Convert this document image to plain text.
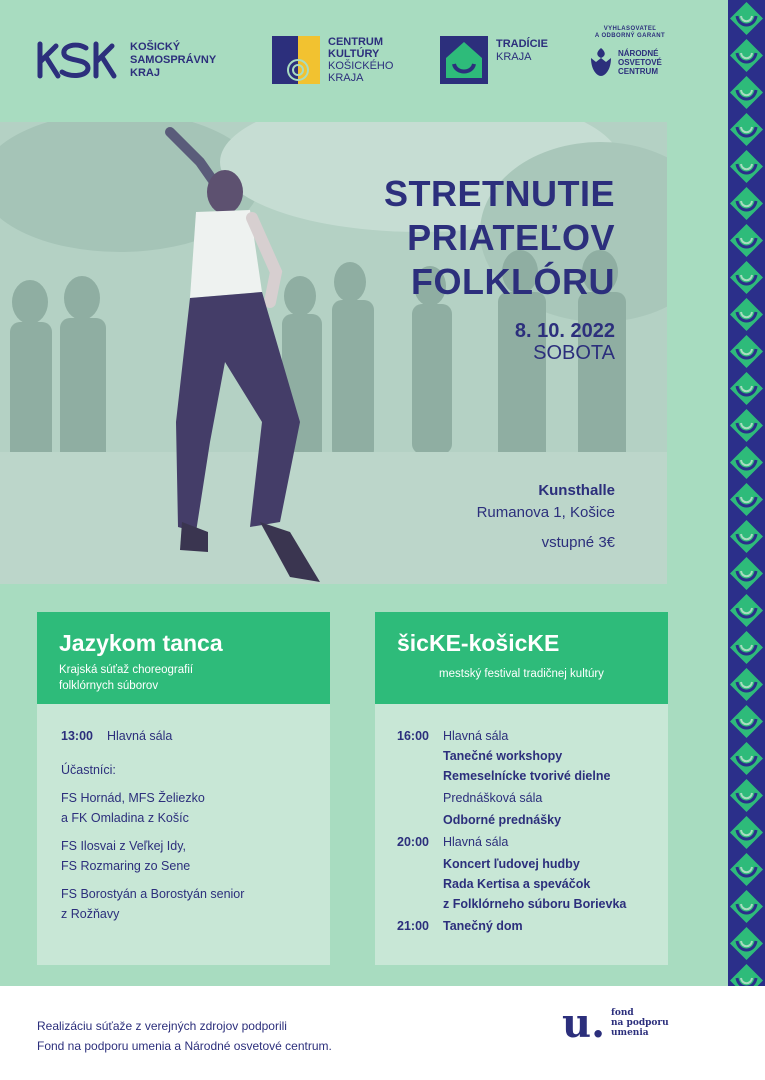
KOŠICKÝ
SAMOSPRÁVNY
KRAJ
CENTRUM
KULTÚRY
KOŠICKÉHO
KRAJA
TRADÍCIE
KRAJA
VYHLASOVATEĽ
A ODBORNÝ GARANT
NÁRODNÉ
OSVETOVÉ
CENTRUM
STRETNUTIE
PRIATEĽOV
FOLKLÓRU
8. 10. 2022
SOBOTA
Kunsthalle
Rumanova 1, Košice
vstupné 3€
Jazykom tanca
Krajská súťaž choreografií
folklórnych súborov
13:00	Hlavná sála

Účastníci:

FS Hornád, MFS Želiezko
a FK Omladina z Košíc

FS Ilosvai z Veľkej Idy,
FS Rozmaring zo Sene

FS Borostyán a Borostyán senior
z Rožňavy

šicKE-košicKE
mestský festival tradičnej kultúry
16:00	Hlavná sála
Tanečné workshopy
Remeselnícke tvorivé dielne
Prednášková sála
Odborné prednášky
20:00	Hlavná sála
Koncert ľudovej hudby
Rada Kertisa a speváčok
z Folklórneho súboru Borievka
21:00	Tanečný dom
Realizáciu súťaže z verejných zdrojov podporili
Fond na podporu umenia a Národné osvetové centrum.	u. fond
na podporu
umenia
